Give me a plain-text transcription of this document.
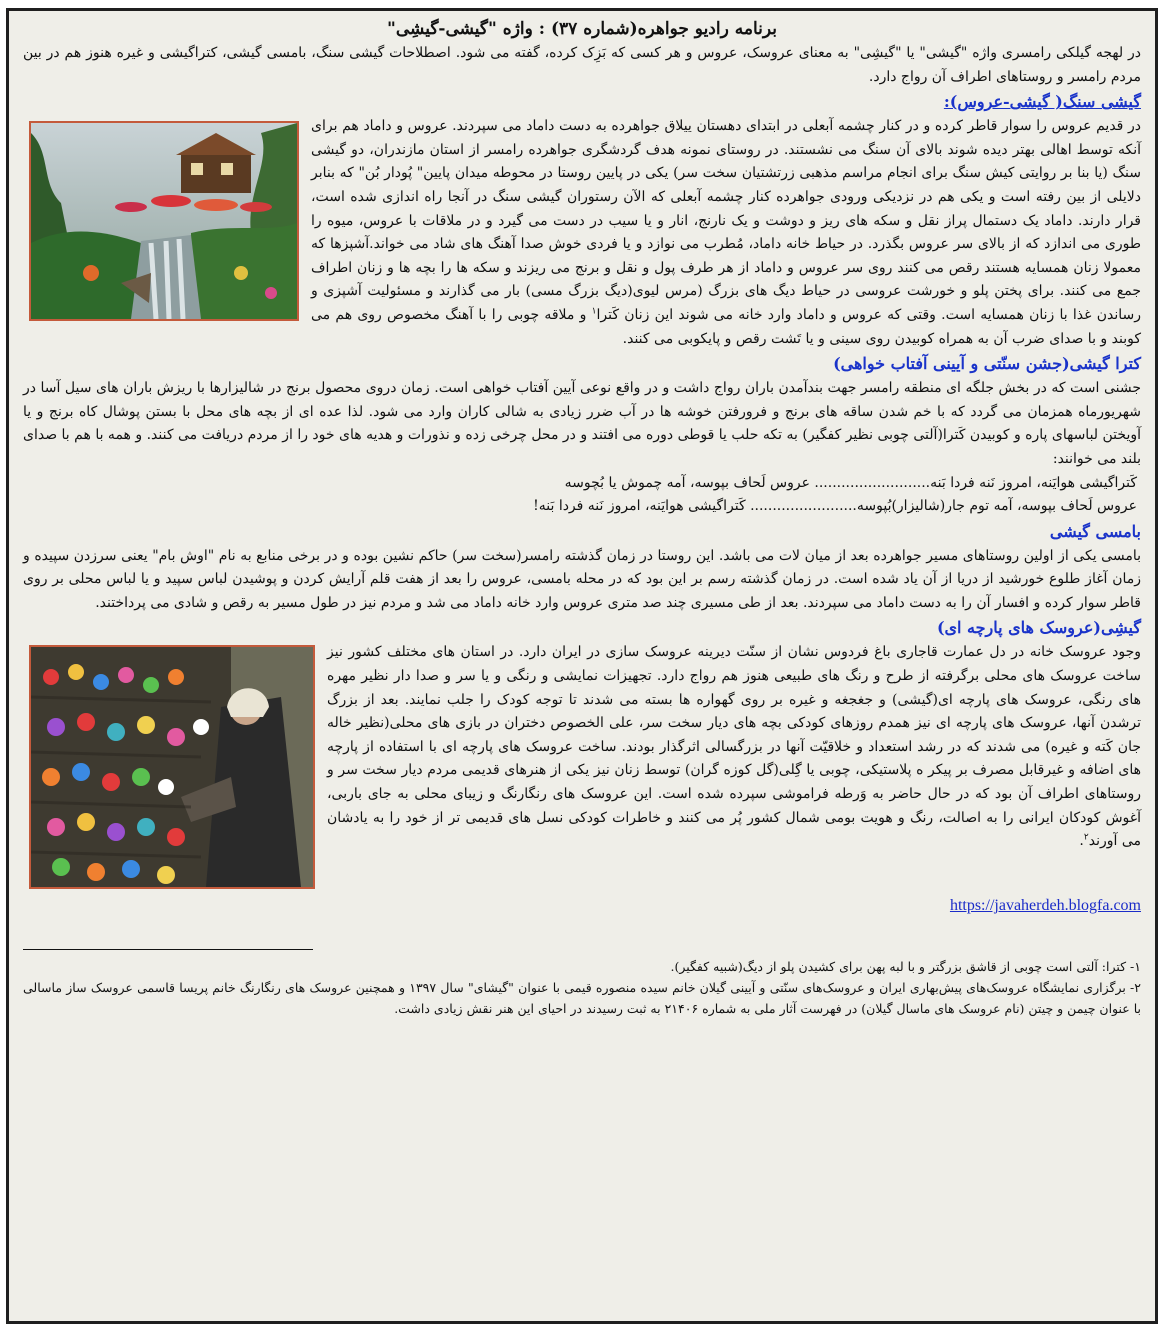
برنامه رادیو جواهره(شماره ۳۷) : واژه "گیشی-گیشِی"

در لهجه گیلکی رامسری واژه "گیشی" یا "گیشِی" به معنای عروسک، عروس و هر کسی که بَزِک کرده، گفته می شود. اصطلاحات گیشی سنگ، بامسی گیشی، کتراگیشی و غیره هنوز هم در بین مردم رامسر و روستاهای اطراف آن رواج دارد.

گیشی سنگ( گیشی-عروس):

در قدیم عروس را سوار قاطر کرده و در کنار چشمه آبعلی در ابتدای دهستان ییلاق جواهرده به دست داماد می سپردند. عروس و داماد هم برای آنکه توسط اهالی بهتر دیده شوند بالای آن سنگ می نشستند. در روستای نمونه هدف گردشگری جواهرده رامسر از استان مازندران، دو گیشی سنگ (یا بنا بر روایتی کیش سنگ برای انجام مراسم مذهبی زرتشتیان سخت سر) یکی در پایین روستا در محوطه میدان پایین" پُودار بُن" که بنابر دلایلی از بین رفته است و یکی هم در نزدیکی ورودی جواهرده کنار چشمه آبعلی که الآن رستوران گیشی سنگ در آنجا راه اندازی شده است، قرار دارند. داماد یک دستمال پراز نقل و سکه های ریز و دوشت و یک نارنج، انار و یا سیب در دست می گیرد و در ملاقات با عروس، میوه را طوری می اندازد که از بالای سر عروس بگذرد. در حیاط خانه داماد، مُطرب می نوازد و یا فردی خوش صدا آهنگ های شاد می خواند.آشپزها که معمولا زنان همسایه هستند رقص می کنند روی سر عروس و داماد از هر طرف پول و نقل و برنج می ریزند و سکه ها را بچه ها و زنان اطراف جمع می کنند. برای پختن پلو و خورشت عروسی در حیاط دیگ های بزرگ (مرس لیوی(دیگ بزرگ مسی) بار می گذارند و مسئولیت آشپزی و رساندن غذا با زنان همسایه است. وقتی که عروس و داماد وارد خانه می شوند این زنان کَترا$^۱$ و ملاقه چوبی را با آهنگ مخصوص روی هم می کوبند و با صدای ضرب آن به همراه کوبیدن روی سینی و یا تَشت رقص و پایکوبی می کنند.

کترا گیشی(جشن سنّتی و آیینی آفتاب خواهی)

جشنی است که در بخش جلگه ای منطقه رامسر جهت بندآمدن باران رواج داشت و در واقع نوعی آیین آفتاب خواهی است. زمان دروی محصول برنج در شالیزارها با ریزش باران های سیل آسا در شهریورماه همزمان می گردد که با خم شدن ساقه های برنج و فرورفتن خوشه ها در آب ضرر زیادی به شالی کاران وارد می شود. لذا عده ای از بچه های محل با بستن پوشال کاه برنج و یا آویختن لباسهای پاره و کوبیدن کَترا(آلتی چوبی نظیر کفگیر) به تکه حلب یا قوطی دوره می افتند و در محل چرخی زده و نذورات و هدیه های خود را از مردم دریافت می کنند. و همه با هم با صدای بلند می خوانند:

کَتراگیشی هوایَنه، امروز نَنه فردا بَنه.......................... عروس لَحاف بپوسه، آمه چموش یا بُچوسه

عروس لَحاف بپوسه، آمه توم جار(شالیزار)بُپوسه........................ کَتراگیشی هوایَنه، امروز نَنه فردا بَنه!

بامسی گیشی

بامسی یکی از اولین روستاهای مسیر جواهرده بعد از میان لات می باشد. این روستا در زمان گذشته رامسر(سخت سر) حاکم نشین بوده و در برخی منابع به نام "اوش بام" یعنی سرزدن سپیده و زمان آغاز طلوع خورشید از دریا از آن یاد شده است. در زمان گذشته رسم بر این بود که در محله بامسی، عروس را بعد از هفت قلم آرایش کردن و پوشیدن لباس سپید و یا لباس محلی بر روی قاطر سوار کرده و افسار آن را به دست داماد می سپردند. بعد از طی مسیری چند صد متری عروس وارد خانه داماد می شد و مردم نیز در طول مسیر به رقص و شادی می پرداختند.

گیشِی(عروسک های پارچه ای)

وجود عروسک خانه در دل عمارت قاجاری باغ فردوس نشان از سنّت دیرینه عروسک سازی در ایران دارد. در استان های مختلف کشور نیز ساخت عروسک های محلی برگرفته از طرح و رنگ های طبیعی هنوز هم رواج دارد. تجهیزات نمایشی و رنگی و یا سر و صدا دار نظیر مهره های رنگی، عروسک های پارچه ای(گیشی) و جغجغه و غیره بر روی گهواره ها بسته می شدند تا توجه کودک را جلب نمایند. بعد از بزرگ ترشدن آنها، عروسک های پارچه ای نیز همدم روزهای کودکی بچه های دیار سخت سر، علی الخصوص دختران در بازی های محلی(نظیر خاله جان کَته و غیره) می شدند که در رشد استعداد و خلاقیّت آنها در بزرگسالی اثرگذار بودند. ساخت عروسک های پارچه ای با استفاده از پارچه های اضافه و غیرقابل مصرف بر پیکر ه پلاستیکی، چوبی یا گِلی(گل کوزه گران) توسط زنان نیز یکی از هنرهای قدیمی مردم دیار سخت سر و روستاهای اطراف آن بود که در حال حاضر به وَرطه فراموشی سپرده شده است. این عروسک های رنگارنگ و زیبای محلی به جای باربی، آغوش کودکان ایرانی را به اصالت، رنگ و هویت بومی شمال کشور پُر می کنند و خاطرات کودکی نسل های قدیمی تر از خود را به یادشان می آورند$^۲$.

https://javaherdeh.blogfa.com

۱- کترا: آلتی است چوبی از قاشق بزرگتر و با لبه پهن برای کشیدن پلو از دیگ(شبیه کفگیر).

۲- برگزاری نمایشگاه عروسک‌های پیش‌بهاری ایران و عروسک‌های سنّتی و آیینی گیلان خانم سیده منصوره قیمی با عنوان "گیشای" سال ۱۳۹۷ و همچنین عروسک های رنگارنگ خانم پریسا قاسمی عروسک ساز ماسالی با عنوان چیمن و چیتن (نام عروسک های ماسال گیلان) در فهرست آثار ملی به شماره ۲۱۴۰۶ به ثبت رسیدند در احیای این هنر نقش زیادی داشت.
